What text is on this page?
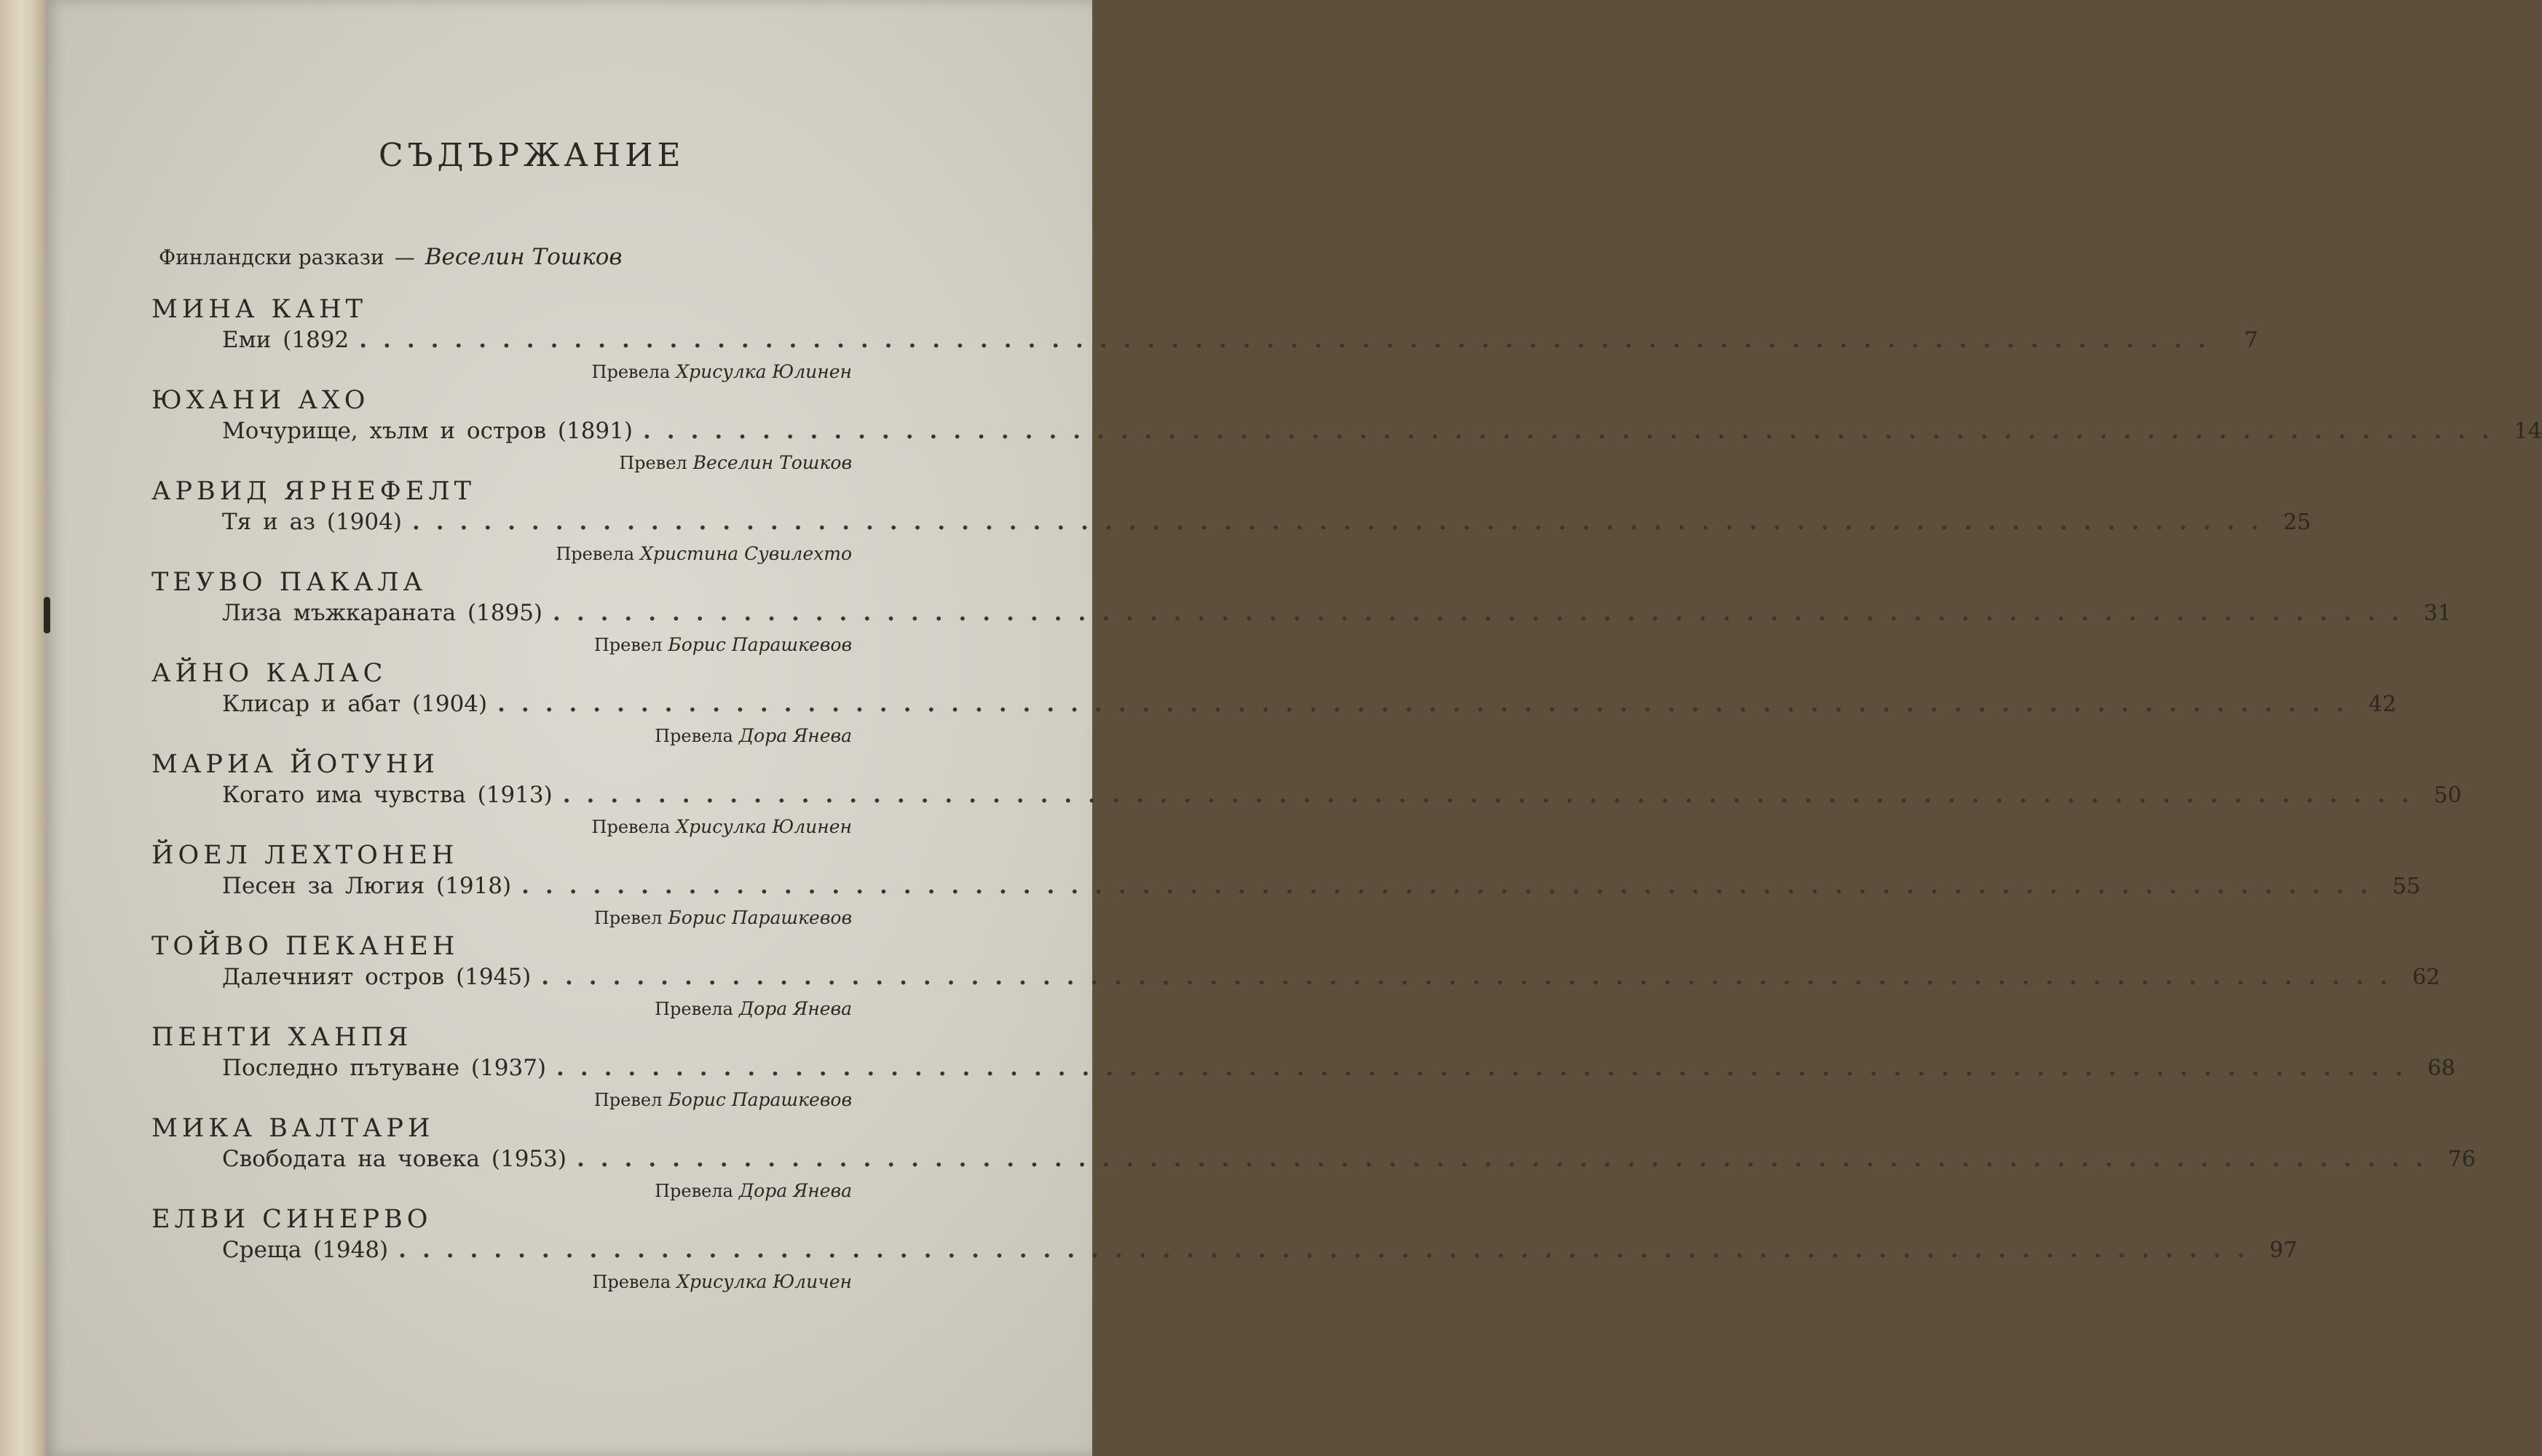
СЪДЪРЖАНИЕ
Финландски разкази — Веселин Тошков
МИНА КАНТ
Еми (1892 ..............................................................................	7
Превела Хрисулка Юлинен
ЮХАНИ АХО
Мочурище, хълм и остров (1891) .............................................................................. 14
Превел Веселин Тошков
АРВИД ЯРНЕФЕЛТ
Тя и аз (1904) .............................................................................. 25
Превела Христина Сувилехто
ТЕУВО ПАКАЛА
Лиза мъжкараната (1895) .............................................................................. 31
Превел Борис Парашкевов
АЙНО КАЛАС
Клисар и абат (1904) .............................................................................. 42
Превела Дора Янева
МАРИА ЙОТУНИ
Когато има чувства (1913) .............................................................................. 50
Превела Хрисулка Юлинен
ЙОЕЛ ЛЕХТОНЕН
Песен за Люгия (1918) .............................................................................. 55
Превел Борис Парашкевов
ТОЙВО ПЕКАНЕН
Далечният остров (1945) .............................................................................. 62
Превела Дора Янева
ПЕНТИ ХАНПЯ
Последно пътуване (1937) .............................................................................. 68
Превел Борис Парашкевов
МИКА ВАЛТАРИ
Свободата на човека (1953) .............................................................................. 76
Превела Дора Янева
ЕЛВИ СИНЕРВО
Среща (1948) .............................................................................. 97
Превела Хрисулка Юличен
